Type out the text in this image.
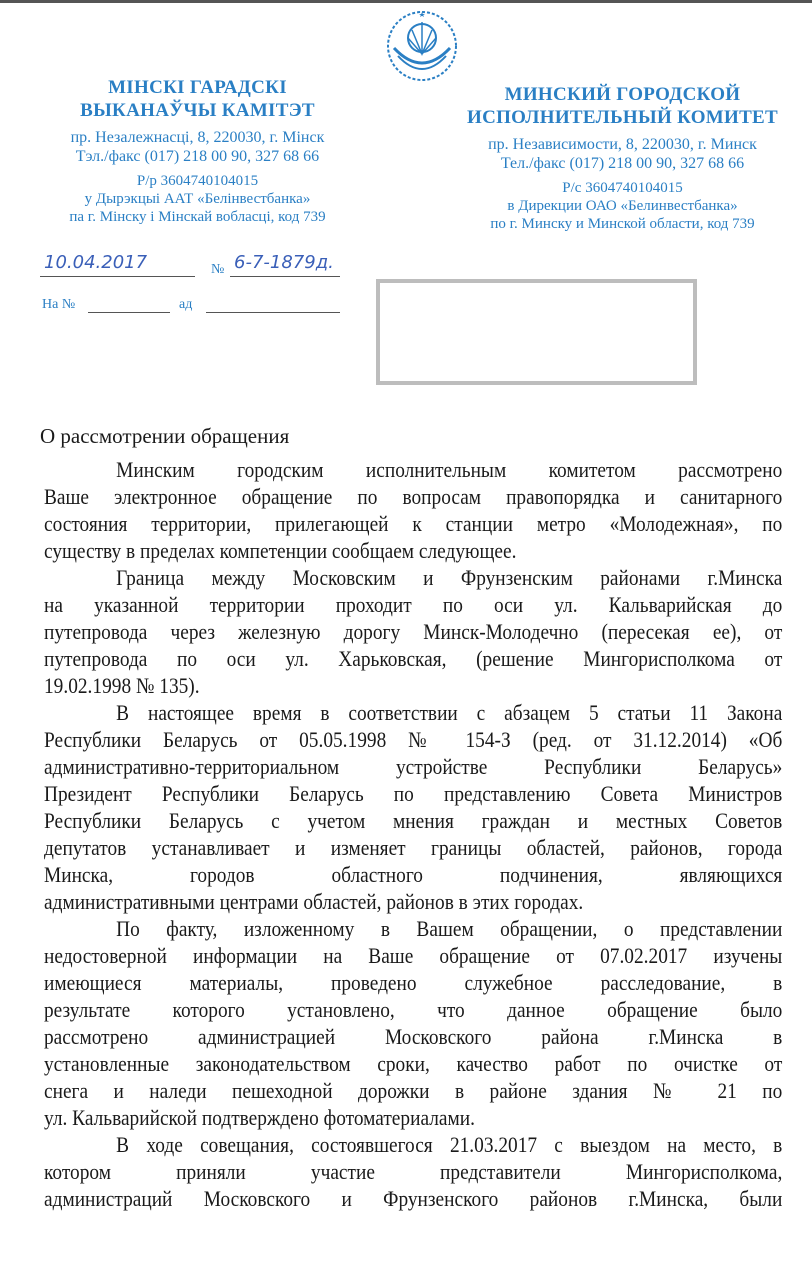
МІНСКІ ГАРАДСКІ
ВЫКАНАЎЧЫ КАМІТЭТ
пр. Незалежнасці, 8, 220030, г. Мінск
Тэл./факс (017) 218 00 90, 327 68 66
Р/р 3604740104015
у Дырэкцыі ААТ «Белінвестбанка»
па г. Мінску і Мінскай вобласці, код 739
МИНСКИЙ ГОРОДСКОЙ
ИСПОЛНИТЕЛЬНЫЙ КОМИТЕТ
пр. Независимости, 8, 220030, г. Минск
Тел./факс (017) 218 00 90, 327 68 66
Р/с 3604740104015
в Дирекции ОАО «Белинвестбанка»
по г. Минску и Минской области, код 739
10.04.2017	№ 6-7-1879д.
На №	ад
О рассмотрении обращения
Минским городским исполнительным комитетом рассмотрено
Ваше электронное обращение по вопросам правопорядка и санитарного
состояния территории, прилегающей к станции метро «Молодежная», по
существу в пределах компетенции сообщаем следующее.
Граница между Московским и Фрунзенским районами г.Минска
на указанной территории проходит по оси ул. Кальварийская до
путепровода через железную дорогу Минск-Молодечно (пересекая ее), от
путепровода по оси ул. Харьковская, (решение Мингорисполкома от
19.02.1998 № 135).
В настоящее время в соответствии с абзацем 5 статьи 11 Закона
Республики Беларусь от 05.05.1998 № 154-З (ред. от 31.12.2014) «Об
административно-территориальном устройстве Республики Беларусь»
Президент Республики Беларусь по представлению Совета Министров
Республики Беларусь с учетом мнения граждан и местных Советов
депутатов устанавливает и изменяет границы областей, районов, города
Минска, городов областного подчинения, являющихся
административными центрами областей, районов в этих городах.
По факту, изложенному в Вашем обращении, о представлении
недостоверной информации на Ваше обращение от 07.02.2017 изучены
имеющиеся материалы, проведено служебное расследование, в
результате которого установлено, что данное обращение было
рассмотрено администрацией Московского района г.Минска в
установленные законодательством сроки, качество работ по очистке от
снега и наледи пешеходной дорожки в районе здания № 21 по
ул. Кальварийской подтверждено фотоматериалами.
В ходе совещания, состоявшегося 21.03.2017 с выездом на место, в
котором приняли участие представители Мингорисполкома,
администраций Московского и Фрунзенского районов г.Минска, были
